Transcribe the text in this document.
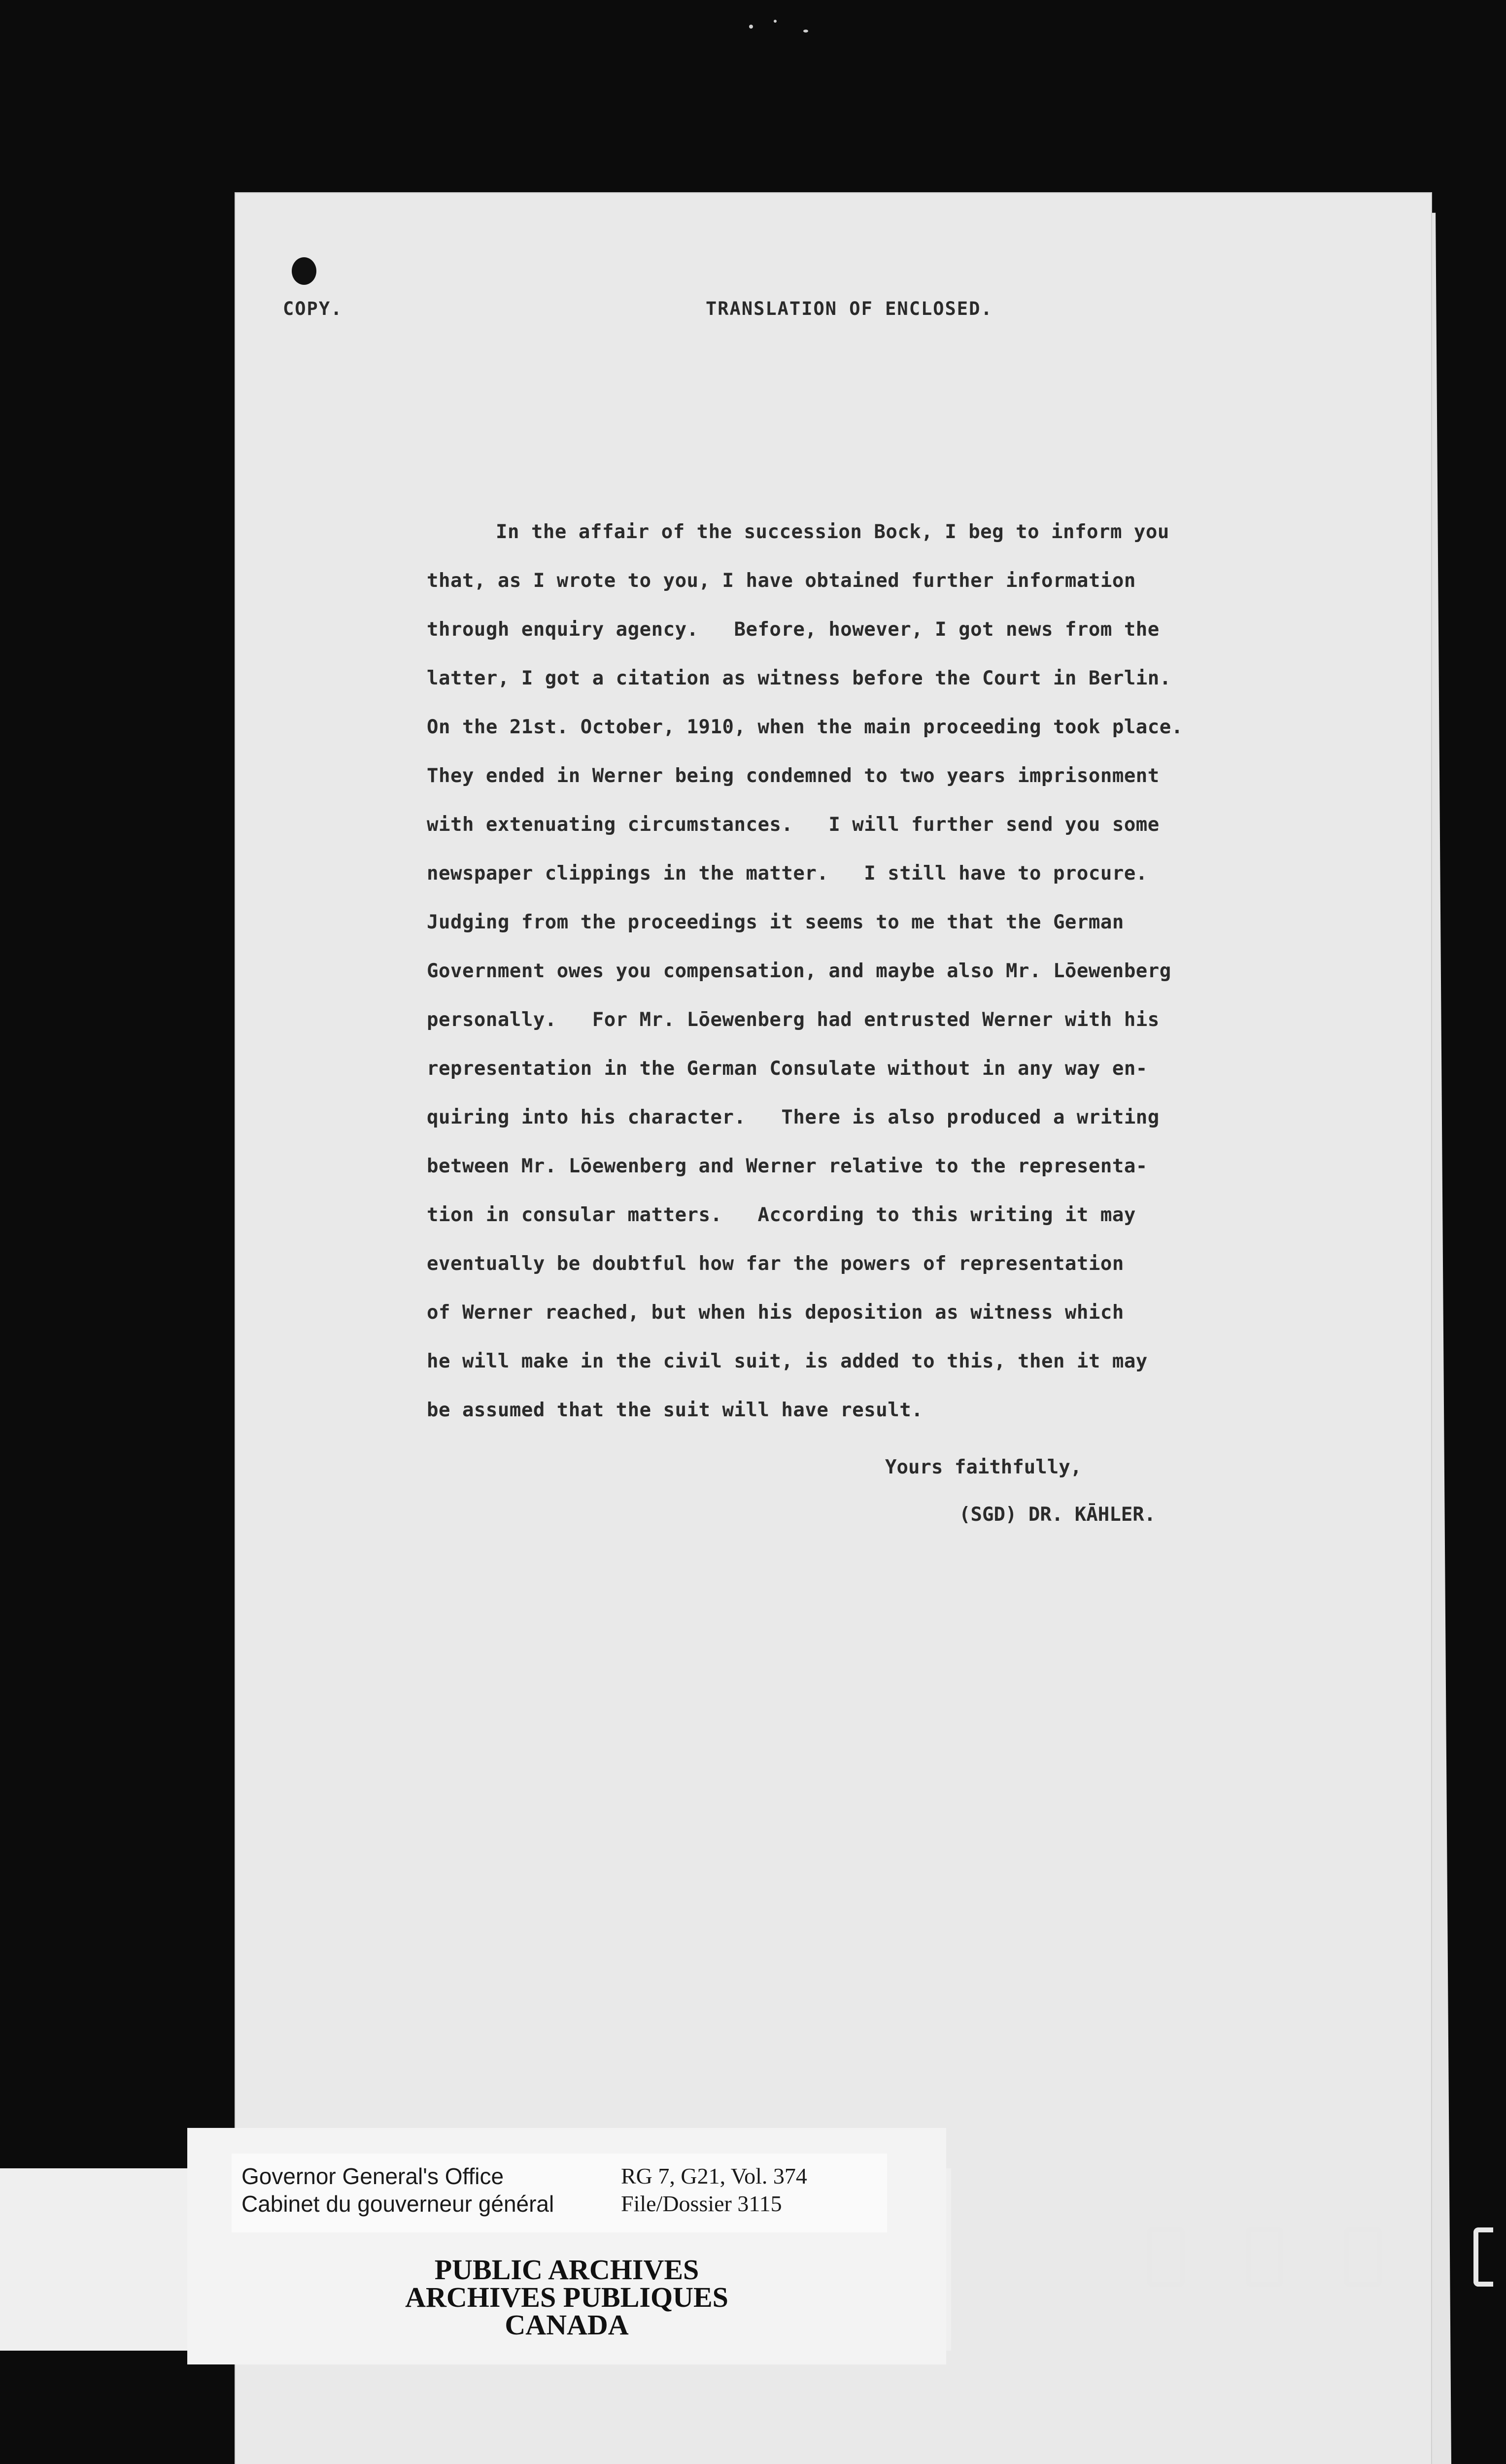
COPY.	TRANSLATION OF ENCLOSED.
In the affair of the succession Bock, I beg to inform you
that, as I wrote to you, I have obtained further information
through enquiry agency.   Before, however, I got news from the
latter, I got a citation as witness before the Court in Berlin.
On the 21st. October, 1910, when the main proceeding took place.
They ended in Werner being condemned to two years imprisonment
with extenuating circumstances.   I will further send you some
newspaper clippings in the matter.   I still have to procure.
Judging from the proceedings it seems to me that the German
Government owes you compensation, and maybe also Mr. Lōewenberg
personally.   For Mr. Lōewenberg had entrusted Werner with his
representation in the German Consulate without in any way en-
quiring into his character.   There is also produced a writing
between Mr. Lōewenberg and Werner relative to the representa-
tion in consular matters.   According to this writing it may
eventually be doubtful how far the powers of representation
of Werner reached, but when his deposition as witness which
he will make in the civil suit, is added to this, then it may
be assumed that the suit will have result.
Yours faithfully,
(SGD) DR. KĀHLER.
Governor General's Office
Cabinet du gouverneur général
RG 7, G21, Vol. 374
File/Dossier 3115
PUBLIC ARCHIVES
ARCHIVES PUBLIQUES
CANADA
